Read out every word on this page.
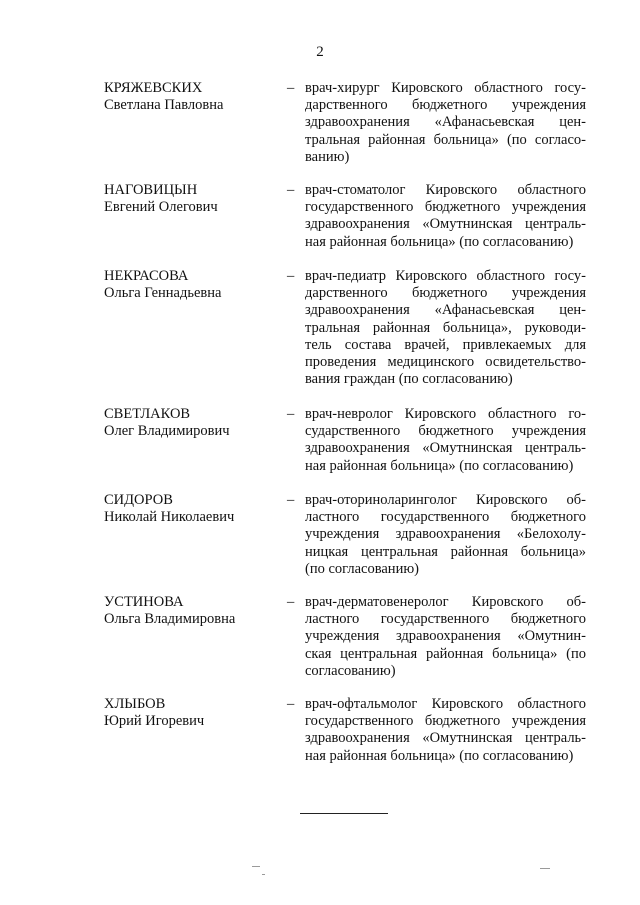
2
КРЯЖЕВСКИХ
Светлана Павловна
– врач-хирург Кировского областного госу-
дарственного бюджетного учреждения
здравоохранения «Афанасьевская цен-
тральная районная больница» (по согласо-
ванию)
НАГОВИЦЫН
Евгений Олегович
– врач-стоматолог Кировского областного
государственного бюджетного учреждения
здравоохранения «Омутнинская централь-
ная районная больница» (по согласованию)
НЕКРАСОВА
Ольга Геннадьевна
– врач-педиатр Кировского областного госу-
дарственного бюджетного учреждения
здравоохранения «Афанасьевская цен-
тральная районная больница», руководи-
тель состава врачей, привлекаемых для
проведения медицинского освидетельство-
вания граждан (по согласованию)
СВЕТЛАКОВ
Олег Владимирович
– врач-невролог Кировского областного го-
сударственного бюджетного учреждения
здравоохранения «Омутнинская централь-
ная районная больница» (по согласованию)
СИДОРОВ
Николай Николаевич
– врач-оториноларинголог Кировского об-
ластного государственного бюджетного
учреждения здравоохранения «Белохолу-
ницкая центральная районная больница»
(по согласованию)
УСТИНОВА
Ольга Владимировна
– врач-дерматовенеролог Кировского об-
ластного государственного бюджетного
учреждения здравоохранения «Омутнин-
ская центральная районная больница» (по
согласованию)
ХЛЫБОВ
Юрий Игоревич
– врач-офтальмолог Кировского областного
государственного бюджетного учреждения
здравоохранения «Омутнинская централь-
ная районная больница» (по согласованию)
